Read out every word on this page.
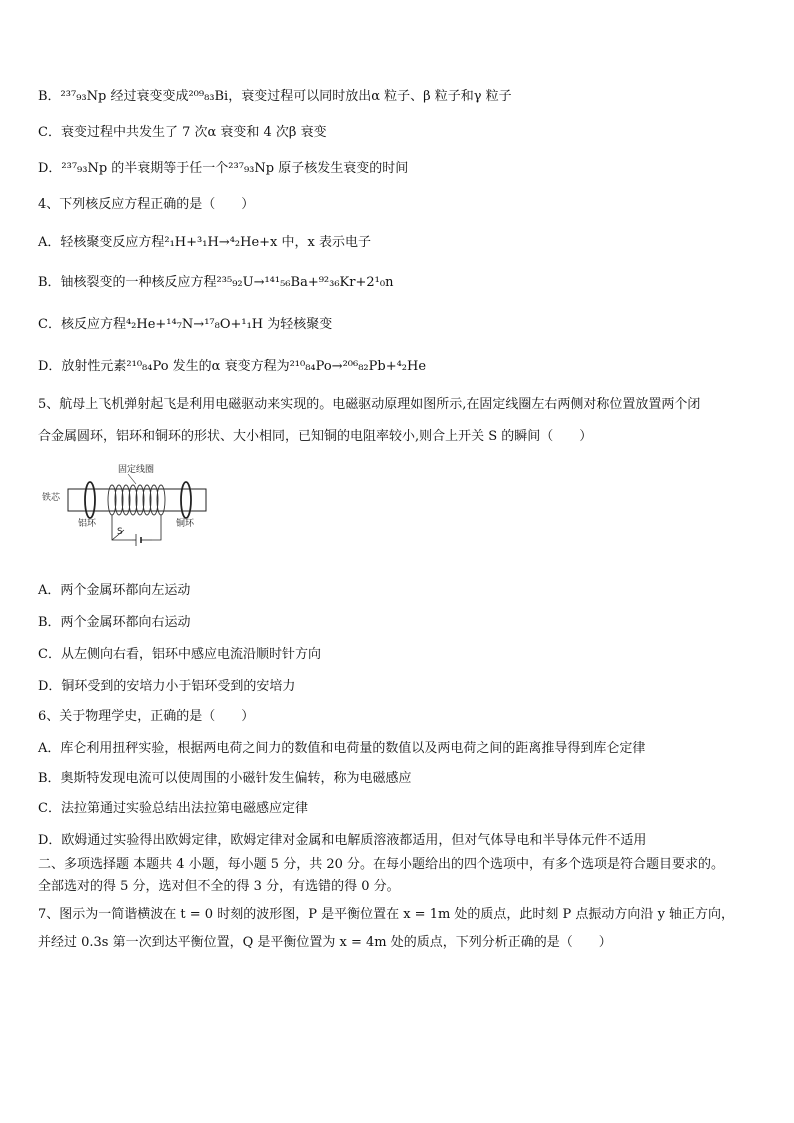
B．²³⁷₉₃Np 经过衰变变成²⁰⁹₈₃Bi，衰变过程可以同时放出α 粒子、β 粒子和γ 粒子
C．衰变过程中共发生了 7 次α 衰变和 4 次β 衰变
D．²³⁷₉₃Np 的半衰期等于任一个²³⁷₉₃Np 原子核发生衰变的时间
4、下列核反应方程正确的是（　　）
A．轻核聚变反应方程²₁H+³₁H→⁴₂He+x 中，x 表示电子
B．铀核裂变的一种核反应方程²³⁵₉₂U→¹⁴¹₅₆Ba+⁹²₃₆Kr+2¹₀n
C．核反应方程⁴₂He+¹⁴₇N→¹⁷₈O+¹₁H 为轻核聚变
D．放射性元素²¹⁰₈₄Po 发生的α 衰变方程为²¹⁰₈₄Po→²⁰⁶₈₂Pb+⁴₂He
5、航母上飞机弹射起飞是利用电磁驱动来实现的。电磁驱动原理如图所示,在固定线圈左右两侧对称位置放置两个闭
合金属圆环，铝环和铜环的形状、大小相同，已知铜的电阻率较小,则合上开关 S 的瞬间（　　）
固定线圈
铁芯
铝环	铜环
S
A．两个金属环都向左运动
B．两个金属环都向右运动
C．从左侧向右看，铝环中感应电流沿顺时针方向
D．铜环受到的安培力小于铝环受到的安培力
6、关于物理学史，正确的是（　　）
A．库仑利用扭秤实验，根据两电荷之间力的数值和电荷量的数值以及两电荷之间的距离推导得到库仑定律
B．奥斯特发现电流可以使周围的小磁针发生偏转，称为电磁感应
C．法拉第通过实验总结出法拉第电磁感应定律
D．欧姆通过实验得出欧姆定律，欧姆定律对金属和电解质溶液都适用，但对气体导电和半导体元件不适用
二、多项选择题 本题共 4 小题，每小题 5 分，共 20 分。在每小题给出的四个选项中，有多个选项是符合题目要求的。
全部选对的得 5 分，选对但不全的得 3 分，有选错的得 0 分。
7、图示为一简谐横波在 t = 0 时刻的波形图，P 是平衡位置在 x = 1m 处的质点，此时刻 P 点振动方向沿 y 轴正方向，
并经过 0.3s 第一次到达平衡位置，Q 是平衡位置为 x = 4m 处的质点，下列分析正确的是（　　）
